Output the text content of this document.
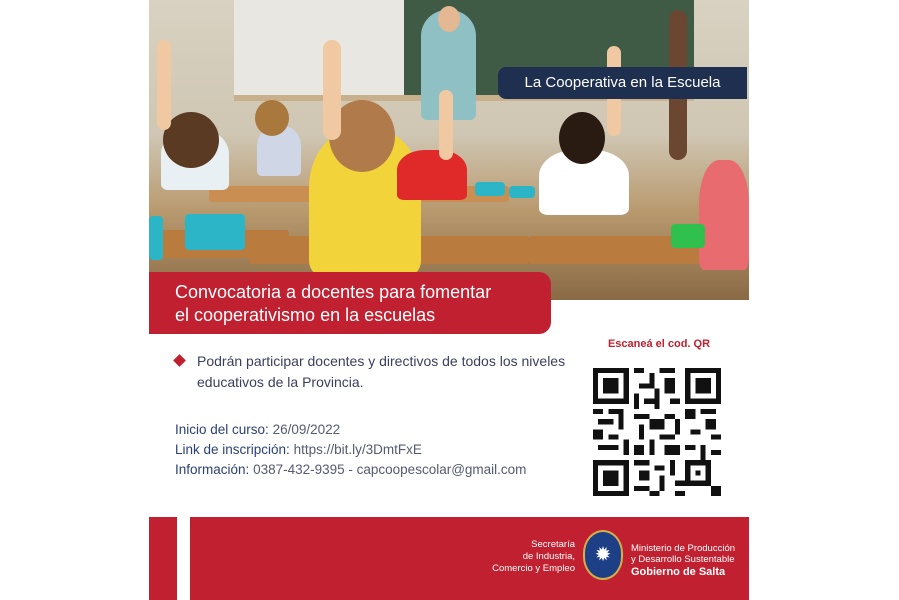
La Cooperativa en la Escuela
Convocatoria a docentes para fomentar
el cooperativismo en la escuelas
Podrán participar docentes y directivos de todos los niveles educativos de la Provincia.
Inicio del curso: 26/09/2022
Link de inscripción: https://bit.ly/3DmtFxE
Información: 0387-432-9395 - capcoopescolar@gmail.com
Escaneá el cod. QR
Secretaría
de Industria,
Comercio y Empleo
✹	Ministerio de Producción
y Desarrollo Sustentable
Gobierno de Salta
